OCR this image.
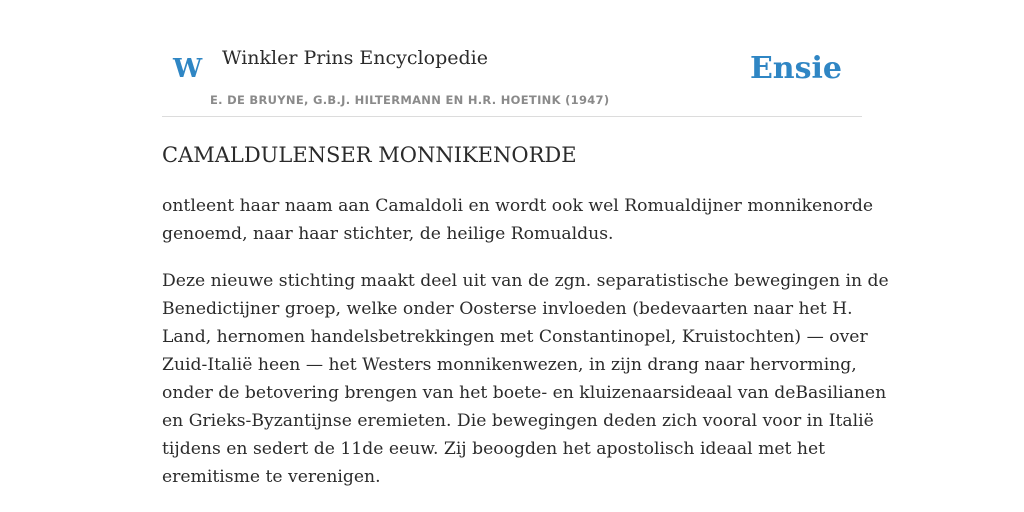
W Winkler Prins Encyclopedie
E. DE BRUYNE, G.B.J. HILTERMANN EN H.R. HOETINK (1947)
Ensie
CAMALDULENSER MONNIKENORDE

ontleent haar naam aan Camaldoli en wordt ook wel Romualdijner monnikenorde
genoemd, naar haar stichter, de heilige Romualdus.

Deze nieuwe stichting maakt deel uit van de zgn. separatistische bewegingen in de
Benedictijner groep, welke onder Oosterse invloeden (bedevaarten naar het H.
Land, hernomen handelsbetrekkingen met Constantinopel, Kruistochten) — over
Zuid-Italië heen — het Westers monnikenwezen, in zijn drang naar hervorming,
onder de betovering brengen van het boete- en kluizenaarsideaal van deBasilianen
en Grieks-Byzantijnse eremieten. Die bewegingen deden zich vooral voor in Italië
tijdens en sedert de 11de eeuw. Zij beoogden het apostolisch ideaal met het
eremitisme te verenigen.
